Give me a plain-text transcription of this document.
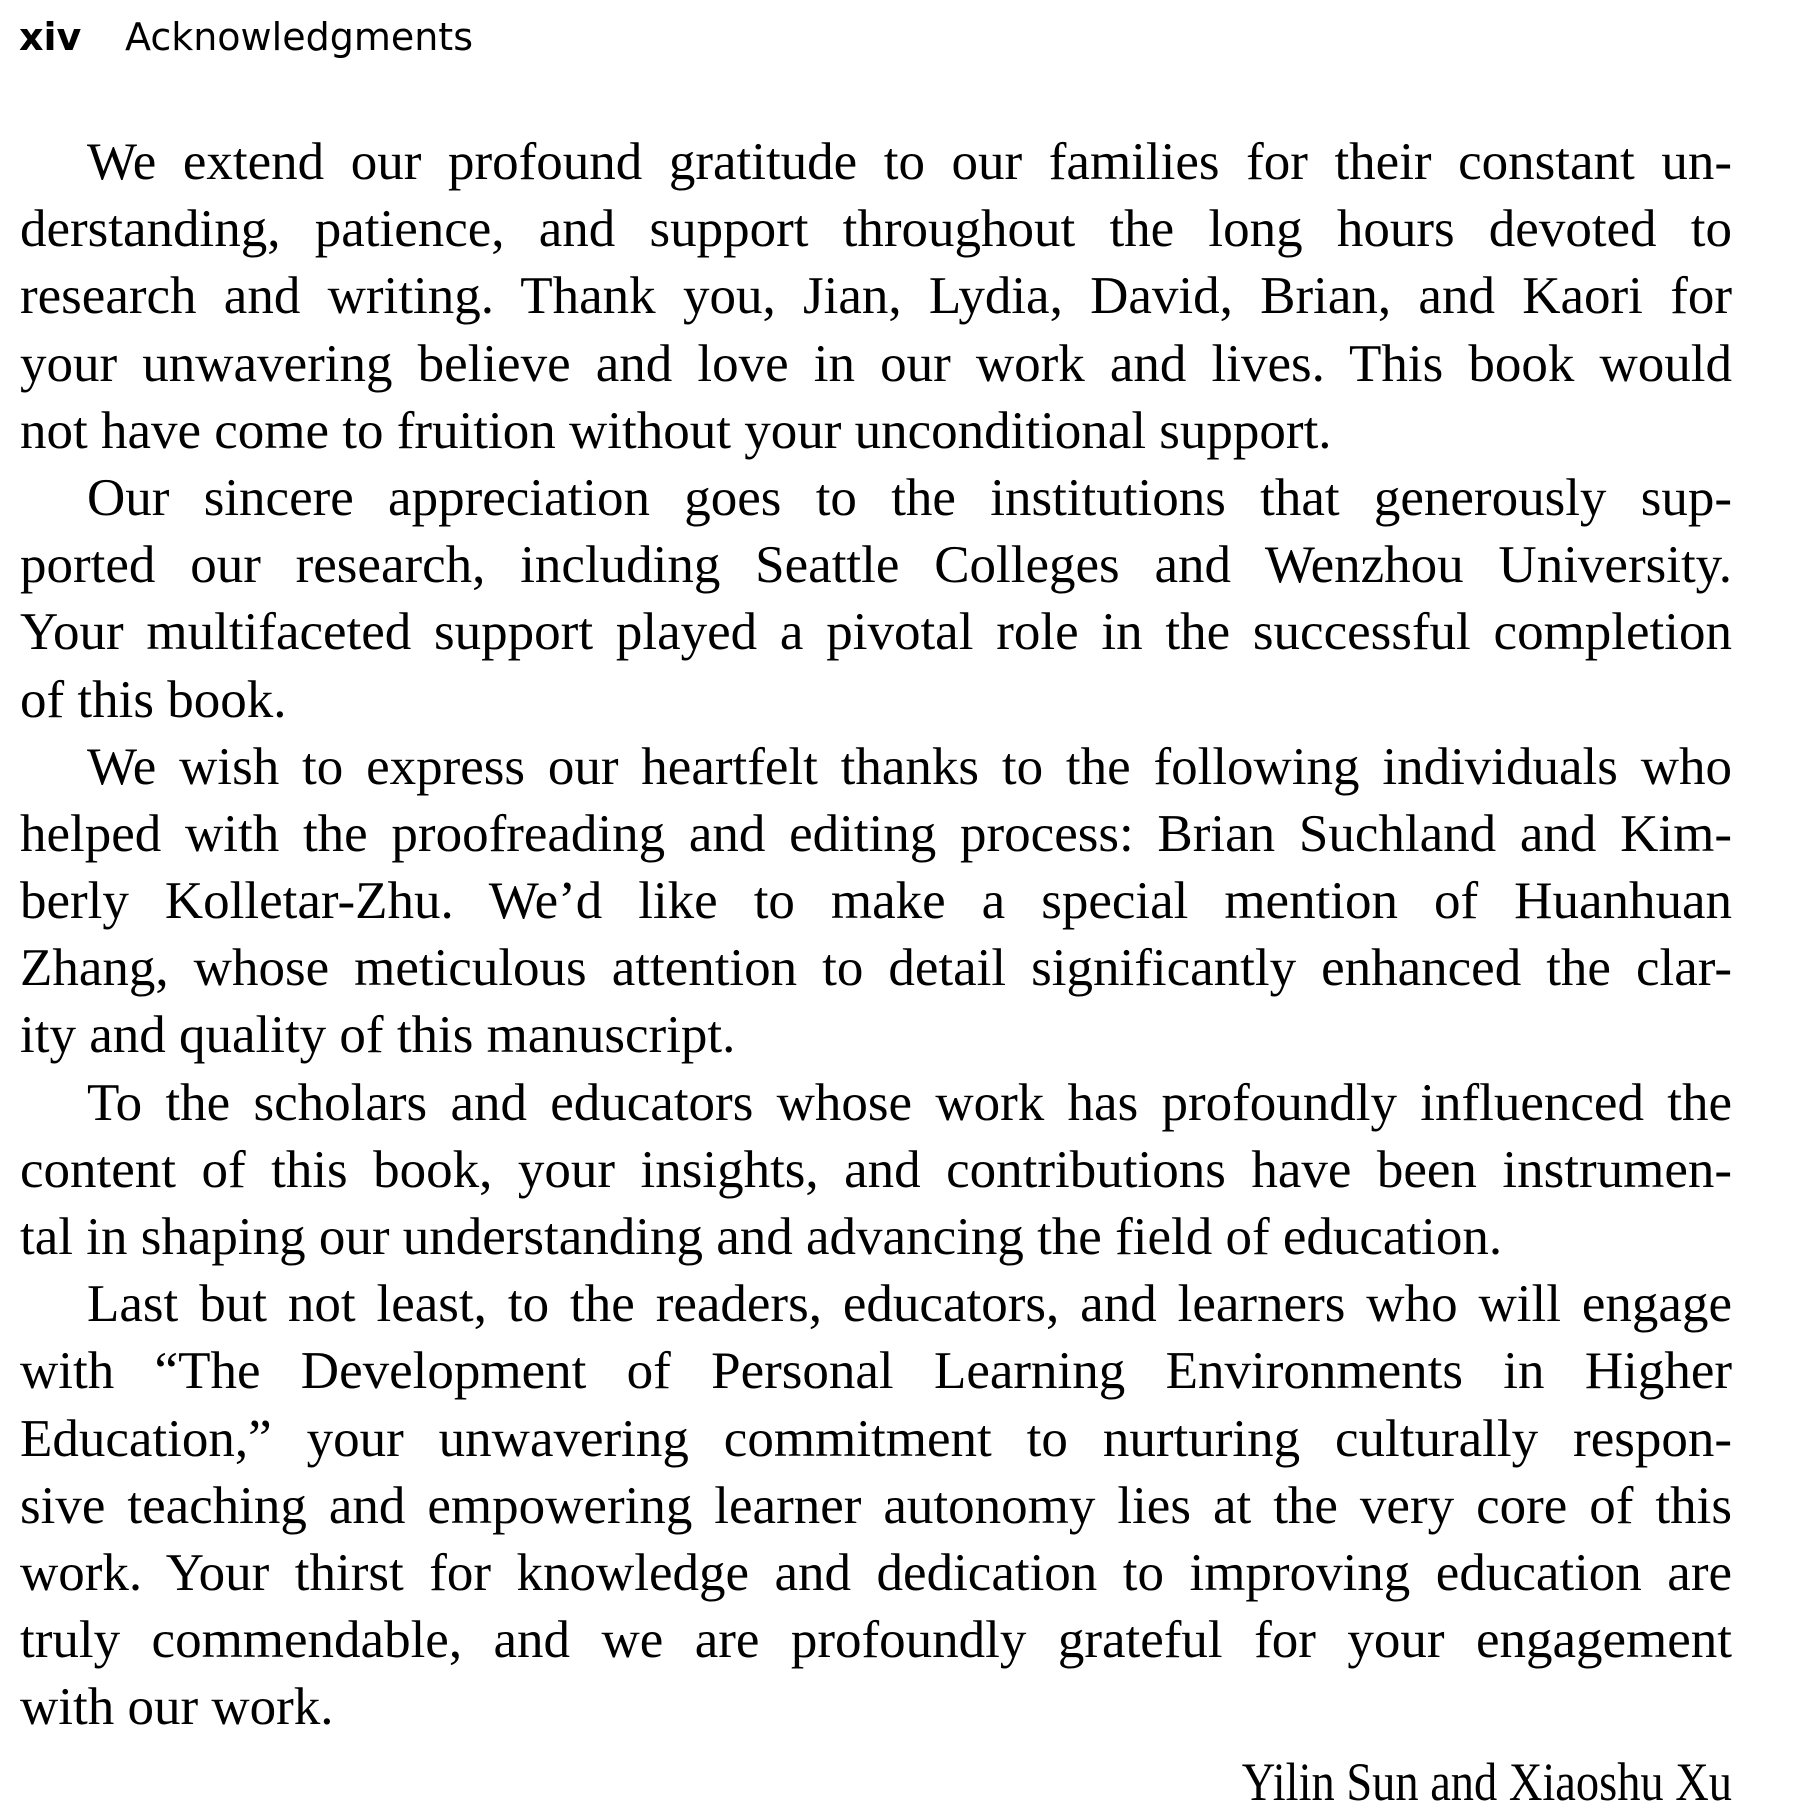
xiv Acknowledgments
We extend our profound gratitude to our families for their constant un-
derstanding, patience, and support throughout the long hours devoted to
research and writing. Thank you, Jian, Lydia, David, Brian, and Kaori for
your unwavering believe and love in our work and lives. This book would
not have come to fruition without your unconditional support.
Our sincere appreciation goes to the institutions that generously sup-
ported our research, including Seattle Colleges and Wenzhou University.
Your multifaceted support played a pivotal role in the successful completion
of this book.
We wish to express our heartfelt thanks to the following individuals who
helped with the proofreading and editing process: Brian Suchland and Kim-
berly Kolletar-Zhu. We’d like to make a special mention of Huanhuan
Zhang, whose meticulous attention to detail significantly enhanced the clar-
ity and quality of this manuscript.
To the scholars and educators whose work has profoundly influenced the
content of this book, your insights, and contributions have been instrumen-
tal in shaping our understanding and advancing the field of education.
Last but not least, to the readers, educators, and learners who will engage
with “The Development of Personal Learning Environments in Higher
Education,” your unwavering commitment to nurturing culturally respon-
sive teaching and empowering learner autonomy lies at the very core of this
work. Your thirst for knowledge and dedication to improving education are
truly commendable, and we are profoundly grateful for your engagement
with our work.
Yilin Sun and Xiaoshu Xu
